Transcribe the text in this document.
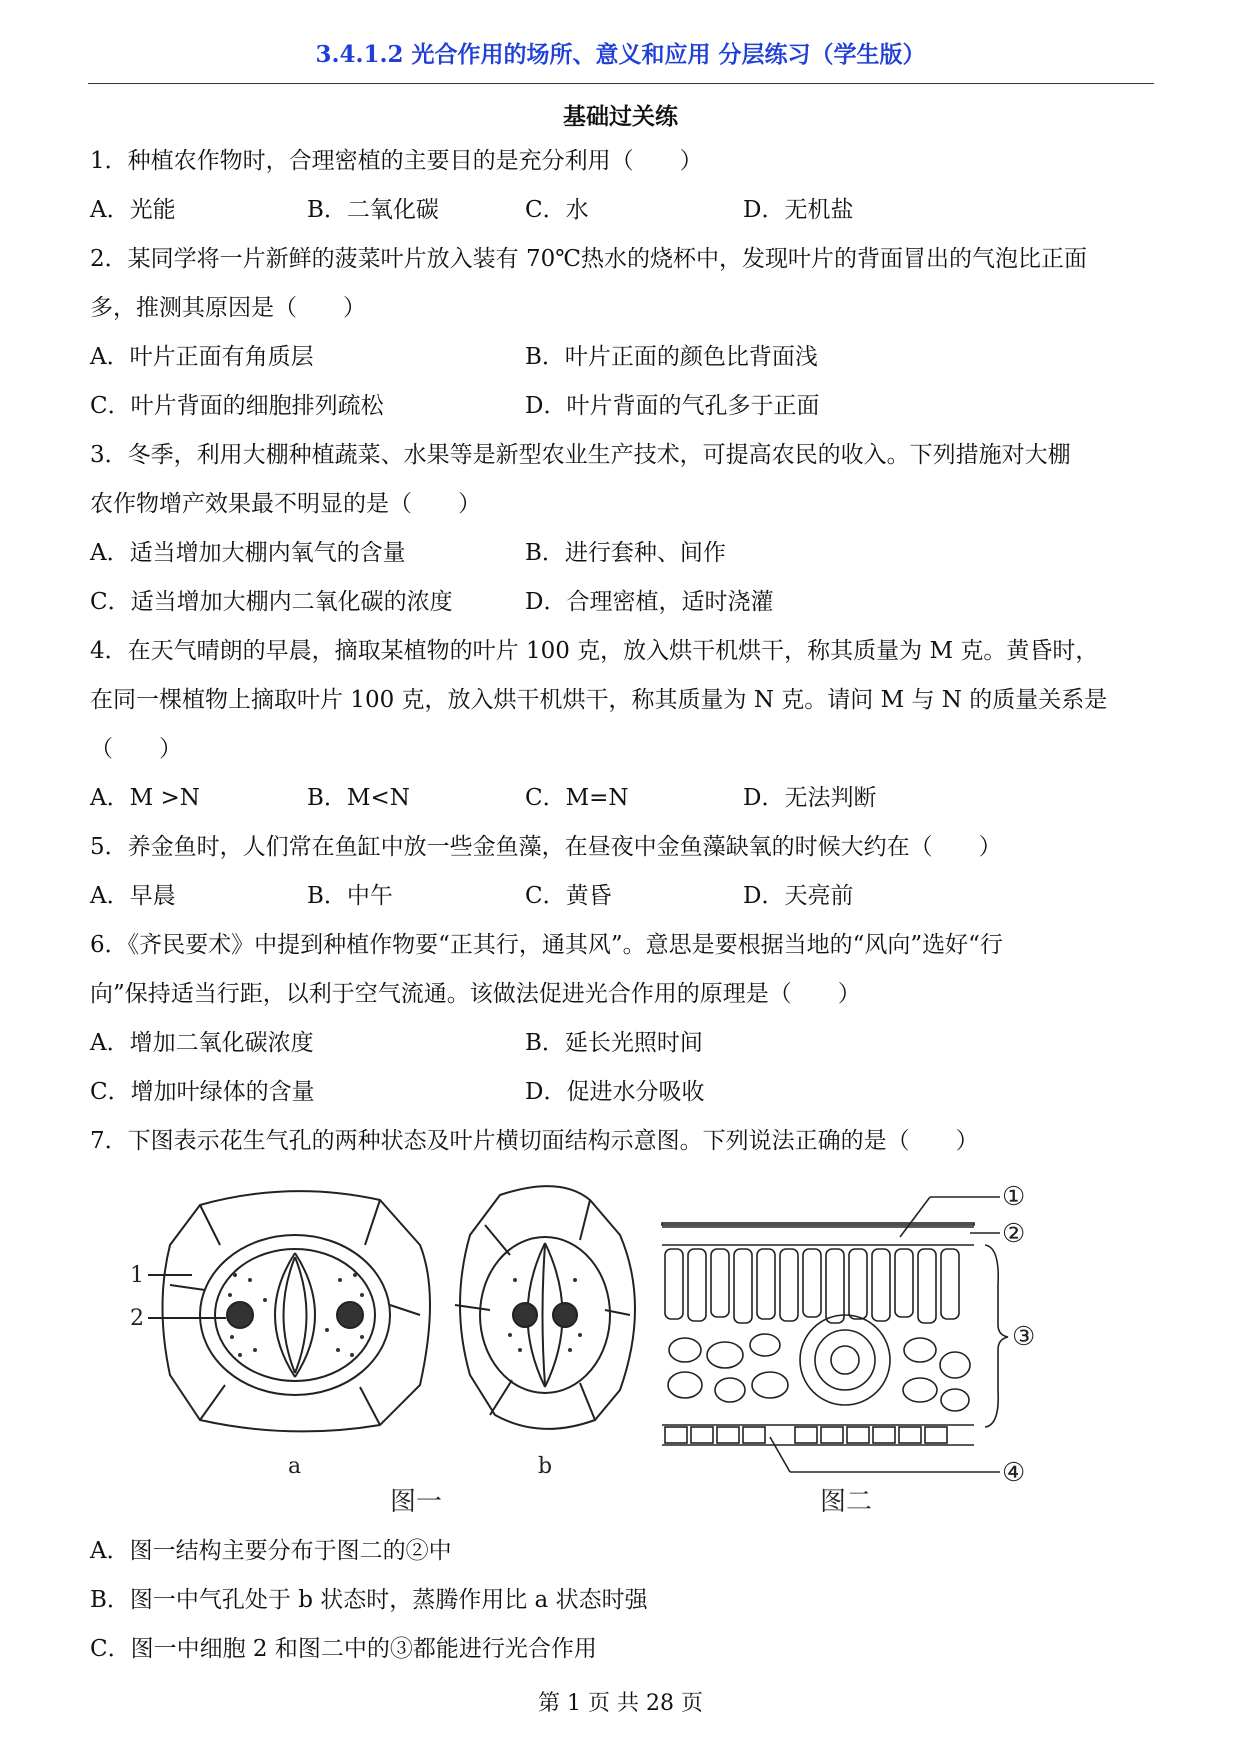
3.4.1.2 光合作用的场所、意义和应用 分层练习（学生版）
基础过关练
1．种植农作物时，合理密植的主要目的是充分利用（　　）
A．光能	B．二氧化碳	C．水	D．无机盐
2．某同学将一片新鲜的菠菜叶片放入装有 70℃热水的烧杯中，发现叶片的背面冒出的气泡比正面
多，推测其原因是（　　）
A．叶片正面有角质层	B．叶片正面的颜色比背面浅
C．叶片背面的细胞排列疏松	D．叶片背面的气孔多于正面
3．冬季，利用大棚种植蔬菜、水果等是新型农业生产技术，可提高农民的收入。下列措施对大棚
农作物增产效果最不明显的是（　　）
A．适当增加大棚内氧气的含量	B．进行套种、间作
C．适当增加大棚内二氧化碳的浓度	D．合理密植，适时浇灌
4．在天气晴朗的早晨，摘取某植物的叶片 100 克，放入烘干机烘干，称其质量为 M 克。黄昏时，
在同一棵植物上摘取叶片 100 克，放入烘干机烘干，称其质量为 N 克。请问 M 与 N 的质量关系是
（　　）
A．M >N	B．M<N	C．M=N	D．无法判断
5．养金鱼时，人们常在鱼缸中放一些金鱼藻，在昼夜中金鱼藻缺氧的时候大约在（　　）
A．早晨	B．中午	C．黄昏	D．天亮前
6．《齐民要术》中提到种植作物要“正其行，通其风”。意思是要根据当地的“风向”选好“行
向”保持适当行距，以利于空气流通。该做法促进光合作用的原理是（　　）
A．增加二氧化碳浓度	B．延长光照时间
C．增加叶绿体的含量	D．促进水分吸收
7．下图表示花生气孔的两种状态及叶片横切面结构示意图。下列说法正确的是（　　）
1
2
a	b
图一	图二
①
②
③
④
A．图一结构主要分布于图二的②中
B．图一中气孔处于 b 状态时，蒸腾作用比 a 状态时强
C．图一中细胞 2 和图二中的③都能进行光合作用
第 1 页 共 28 页
